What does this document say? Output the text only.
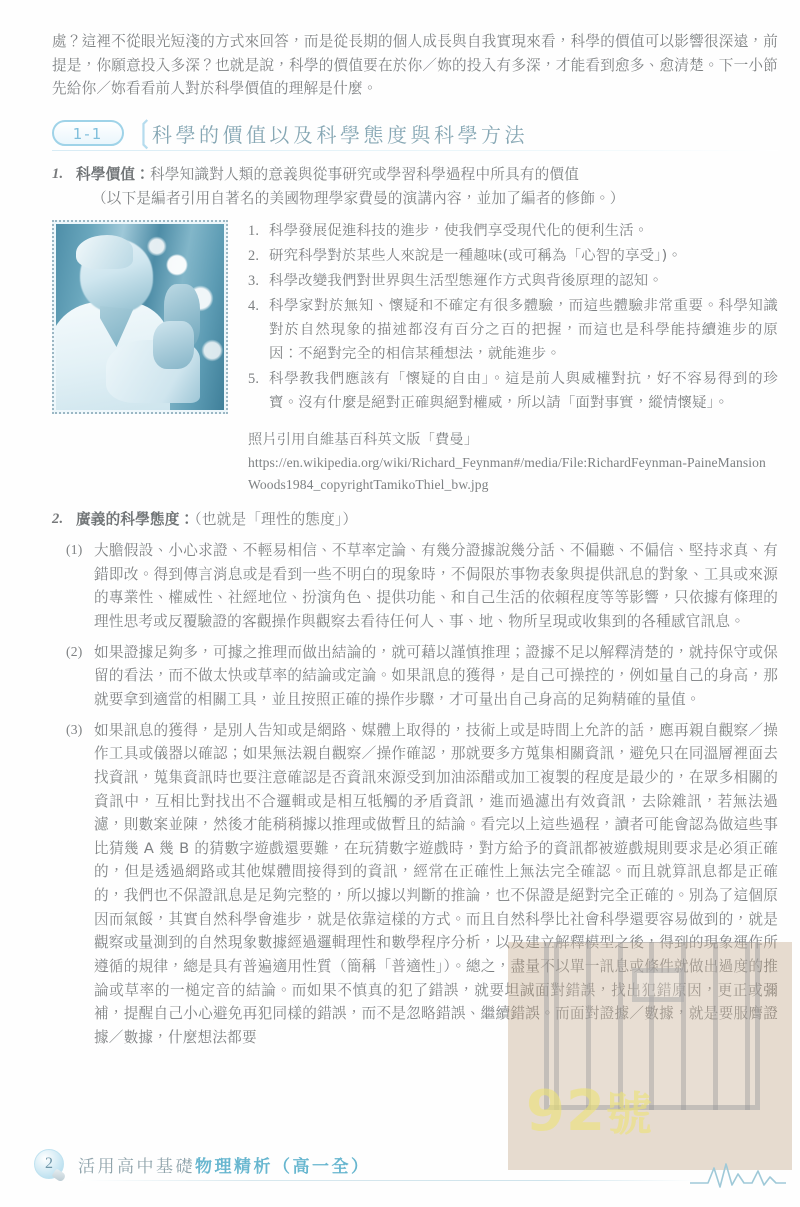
處？這裡不從眼光短淺的方式來回答，而是從長期的個人成長與自我實現來看，科學的價值可以影響很深遠，前提是，你願意投入多深？也就是說，科學的價值要在於你／妳的投入有多深，才能看到愈多、愈清楚。下一小節先給你／妳看看前人對於科學價值的理解是什麼。

1-1 ❲
科學的價值以及科學態度與科學方法
1. 科學價值：科學知識對人類的意義與從事研究或學習科學過程中所具有的價值
（以下是編者引用自著名的美國物理學家費曼的演講內容，並加了編者的修飾。）
1. 科學發展促進科技的進步，使我們享受現代化的便利生活。
2. 研究科學對於某些人來說是一種趣味(或可稱為「心智的享受」)。
3. 科學改變我們對世界與生活型態運作方式與背後原理的認知。
4. 科學家對於無知、懷疑和不確定有很多體驗，而這些體驗非常重要。科學知識對於自然現象的描述都沒有百分之百的把握，而這也是科學能持續進步的原因：不絕對完全的相信某種想法，就能進步。
5. 科學教我們應該有「懷疑的自由」。這是前人與威權對抗，好不容易得到的珍寶。沒有什麼是絕對正確與絕對權威，所以請「面對事實，縱情懷疑」。
照片引用自維基百科英文版「費曼」
https://en.wikipedia.org/wiki/Richard_Feynman#/media/File:RichardFeynman-PaineMansion Woods1984_copyrightTamikoThiel_bw.jpg
2. 廣義的科學態度：（也就是「理性的態度」）
(1) 大膽假設、小心求證、不輕易相信、不草率定論、有幾分證據說幾分話、不偏聽、不偏信、堅持求真、有錯即改。得到傳言消息或是看到一些不明白的現象時，不侷限於事物表象與提供訊息的對象、工具或來源的專業性、權威性、社經地位、扮演角色、提供功能、和自己生活的依賴程度等等影響，只依據有條理的理性思考或反覆驗證的客觀操作與觀察去看待任何人、事、地、物所呈現或收集到的各種感官訊息。
(2) 如果證據足夠多，可據之推理而做出結論的，就可藉以謹慎推理；證據不足以解釋清楚的，就持保守或保留的看法，而不做太快或草率的結論或定論。如果訊息的獲得，是自己可操控的，例如量自己的身高，那就要拿到適當的相關工具，並且按照正確的操作步驟，才可量出自己身高的足夠精確的量值。
(3) 如果訊息的獲得，是別人告知或是網路、媒體上取得的，技術上或是時間上允許的話，應再親自觀察／操作工具或儀器以確認；如果無法親自觀察／操作確認，那就要多方蒐集相關資訊，避免只在同溫層裡面去找資訊，蒐集資訊時也要注意確認是否資訊來源受到加油添醋或加工複製的程度是最少的，在眾多相關的資訊中，互相比對找出不合邏輯或是相互牴觸的矛盾資訊，進而過濾出有效資訊，去除雜訊，若無法過濾，則數案並陳，然後才能稍稍據以推理或做暫且的結論。看完以上這些過程，讀者可能會認為做這些事比猜幾 A 幾 B 的猜數字遊戲還要難，在玩猜數字遊戲時，對方給予的資訊都被遊戲規則要求是必須正確的，但是透過網路或其他媒體間接得到的資訊，經常在正確性上無法完全確認。而且就算訊息都是正確的，我們也不保證訊息是足夠完整的，所以據以判斷的推論，也不保證是絕對完全正確的。別為了這個原因而氣餒，其實自然科學會進步，就是依靠這樣的方式。而且自然科學比社會科學還要容易做到的，就是觀察或量測到的自然現象數據經過邏輯理性和數學程序分析，以及建立解釋模型之後，得到的現象運作所遵循的規律，總是具有普遍適用性質（簡稱「普適性」）。總之，盡量不以單一訊息或條件就做出過度的推論或草率的一槌定音的結論。而如果不慎真的犯了錯誤，就要坦誠面對錯誤，找出犯錯原因，更正或彌補，提醒自己小心避免再犯同樣的錯誤，而不是忽略錯誤、繼續錯誤。而面對證據／數據，就是要服膺證據／數據，什麼想法都要
92號
2	活用高中基礎物理精析（高一全）
